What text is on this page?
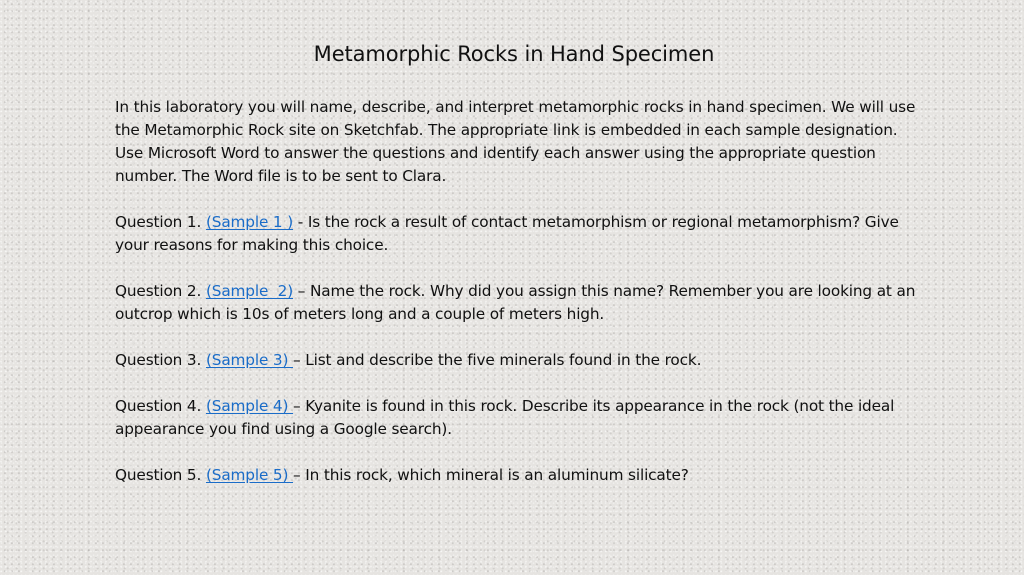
Metamorphic Rocks in Hand Specimen

In this laboratory you will name, describe, and interpret metamorphic rocks in hand specimen. We will use the Metamorphic Rock site on Sketchfab. The appropriate link is embedded in each sample designation. Use Microsoft Word to answer the questions and identify each answer using the appropriate question number. The Word file is to be sent to Clara.

Question 1. (Sample 1 ) - Is the rock a result of contact metamorphism or regional metamorphism? Give your reasons for making this choice.

Question 2. (Sample  2) – Name the rock. Why did you assign this name? Remember you are looking at an outcrop which is 10s of meters long and a couple of meters high.

Question 3. (Sample 3) – List and describe the five minerals found in the rock.

Question 4. (Sample 4) – Kyanite is found in this rock. Describe its appearance in the rock (not the ideal appearance you find using a Google search).

Question 5. (Sample 5) – In this rock, which mineral is an aluminum silicate?
